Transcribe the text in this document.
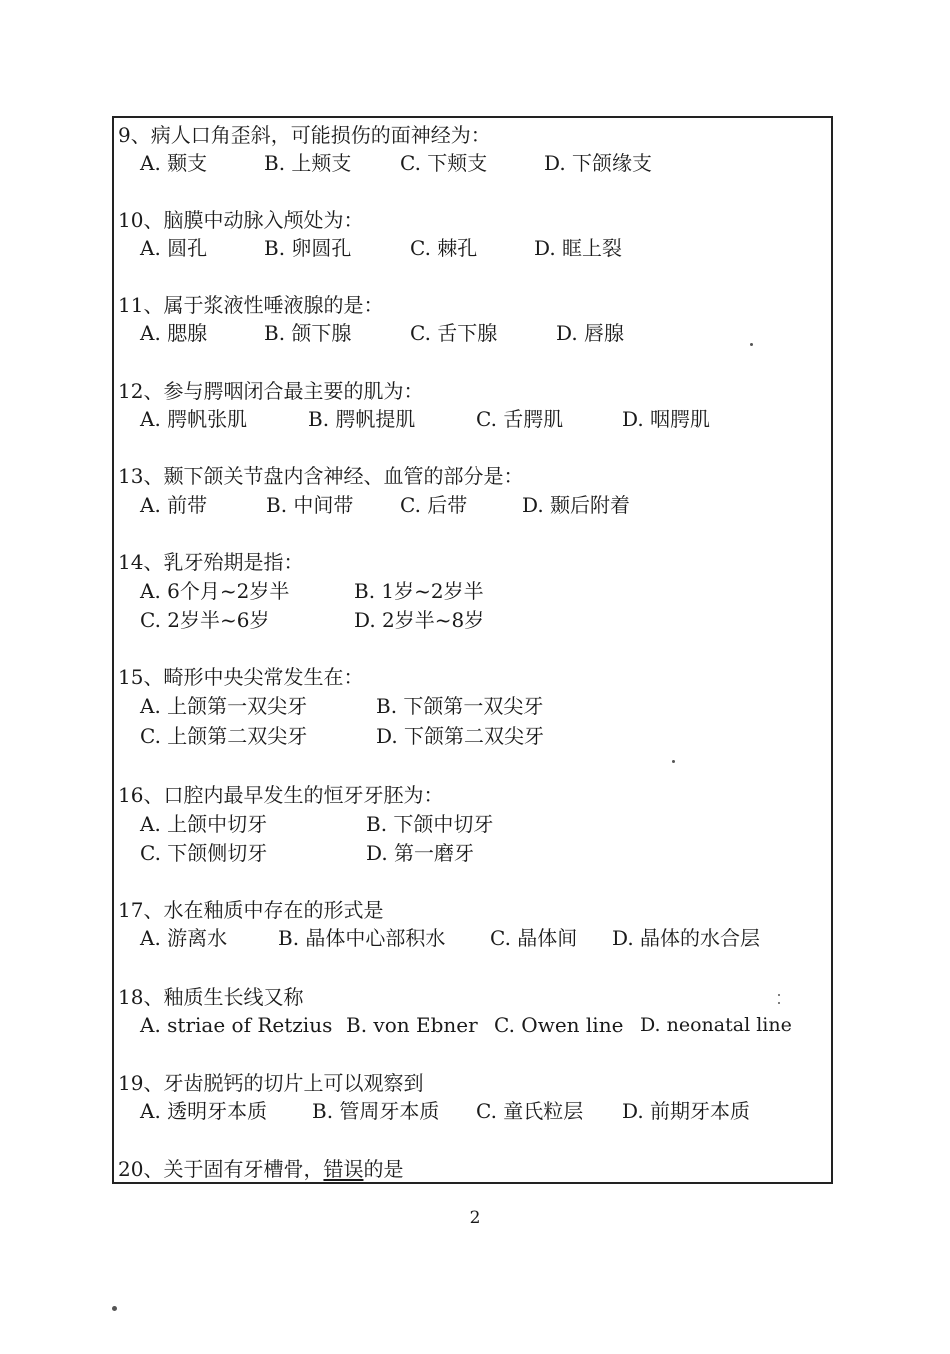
9、病人口角歪斜，可能损伤的面神经为：
A. 颞支	B. 上颊支 C. 下颊支	D. 下颌缘支
10、脑膜中动脉入颅处为：
A. 圆孔	B. 卵圆孔	C. 棘孔	D. 眶上裂
11、属于浆液性唾液腺的是：
A. 腮腺	B. 颌下腺	C. 舌下腺	D. 唇腺
12、参与腭咽闭合最主要的肌为：
A. 腭帆张肌	B. 腭帆提肌	C. 舌腭肌	D. 咽腭肌
13、颞下颌关节盘内含神经、血管的部分是：
A. 前带	B. 中间带 C. 后带	D. 颞后附着
14、乳牙殆期是指：
A. 6个月~2岁半	B. 1岁~2岁半
C. 2岁半~6岁	D. 2岁半~8岁
15、畸形中央尖常发生在：
A. 上颌第一双尖牙	B. 下颌第一双尖牙
C. 上颌第二双尖牙	D. 下颌第二双尖牙
16、口腔内最早发生的恒牙牙胚为：
A. 上颌中切牙	B. 下颌中切牙
C. 下颌侧切牙	D. 第一磨牙
17、水在釉质中存在的形式是
A. 游离水	B. 晶体中心部积水 C. 晶体间 D. 晶体的水合层
18、釉质生长线又称
A. striae of Retzius B. von Ebner C. Owen line D. neonatal line
19、牙齿脱钙的切片上可以观察到
A. 透明牙本质 B. 管周牙本质 C. 童氏粒层 D. 前期牙本质
20、关于固有牙槽骨，错误的是
2
